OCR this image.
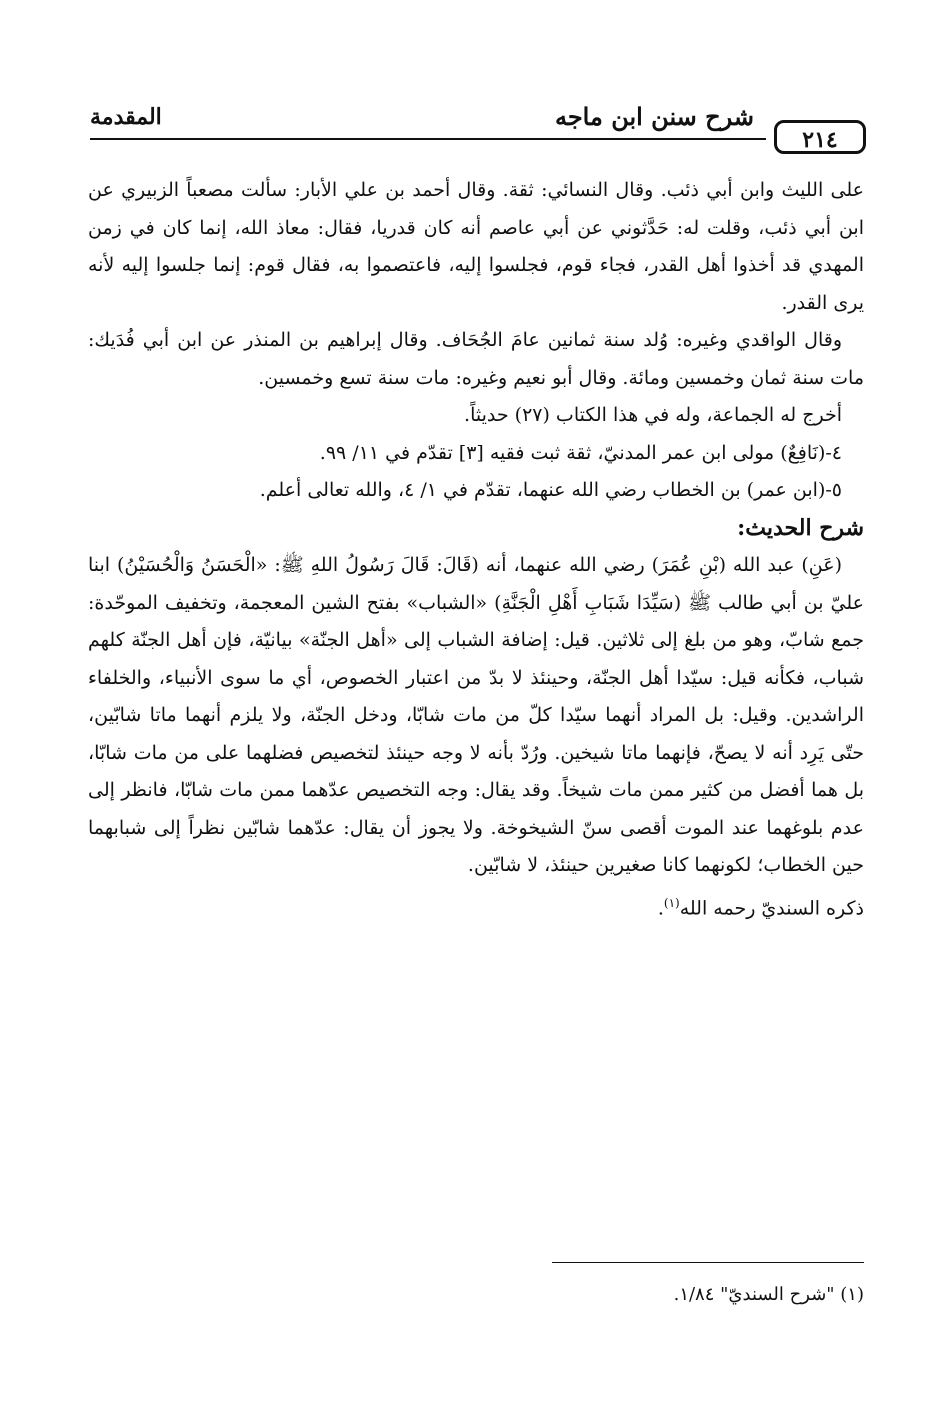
المقدمة	شرح سنن ابن ماجه
٢١٤

على الليث وابن أبي ذئب. وقال النسائي: ثقة. وقال أحمد بن علي الأبار: سألت مصعباً الزبيري عن ابن أبي ذئب، وقلت له: حَدَّثوني عن أبي عاصم أنه كان قدريا، فقال: معاذ الله، إنما كان في زمن المهدي قد أخذوا أهل القدر، فجاء قوم، فجلسوا إليه، فاعتصموا به، فقال قوم: إنما جلسوا إليه لأنه يرى القدر.

وقال الواقدي وغيره: وُلد سنة ثمانين عامَ الجُحَاف. وقال إبراهيم بن المنذر عن ابن أبي فُدَيك: مات سنة ثمان وخمسين ومائة. وقال أبو نعيم وغيره: مات سنة تسع وخمسين.

أخرج له الجماعة، وله في هذا الكتاب (٢٧) حديثاً.

٤-(نَافِعٌ) مولى ابن عمر المدنيّ، ثقة ثبت فقيه [٣] تقدّم في ١١/ ٩٩.

٥-(ابن عمر) بن الخطاب رضي الله عنهما، تقدّم في ١/ ٤، والله تعالى أعلم.

شرح الحديث:

(عَنِ) عبد الله (بْنِ عُمَرَ) رضي الله عنهما، أنه (قَالَ: قَالَ رَسُولُ اللهِ ﷺ: «الْحَسَنُ وَالْحُسَيْنُ) ابنا عليّ بن أبي طالب ﷺ (سَيِّدَا شَبَابِ أَهْلِ الْجَنَّةِ) «الشباب» بفتح الشين المعجمة، وتخفيف الموحّدة: جمع شابّ، وهو من بلغ إلى ثلاثين. قيل: إضافة الشباب إلى «أهل الجنّة» بيانيّة، فإن أهل الجنّة كلهم شباب، فكأنه قيل: سيّدا أهل الجنّة، وحينئذ لا بدّ من اعتبار الخصوص، أي ما سوى الأنبياء، والخلفاء الراشدين. وقيل: بل المراد أنهما سيّدا كلّ من مات شابّا، ودخل الجنّة، ولا يلزم أنهما ماتا شابّين، حتّى يَرِد أنه لا يصحّ، فإنهما ماتا شيخين. ورُدّ بأنه لا وجه حينئذ لتخصيص فضلهما على من مات شابّا، بل هما أفضل من كثير ممن مات شيخاً. وقد يقال: وجه التخصيص عدّهما ممن مات شابّا، فانظر إلى عدم بلوغهما عند الموت أقصى سنّ الشيخوخة. ولا يجوز أن يقال: عدّهما شابّين نظراً إلى شبابهما حين الخطاب؛ لكونهما كانا صغيرين حينئذ، لا شابّين.

ذكره السنديّ رحمه الله$^{(١)}$.

(١) "شرح السنديّ" ١/٨٤.
